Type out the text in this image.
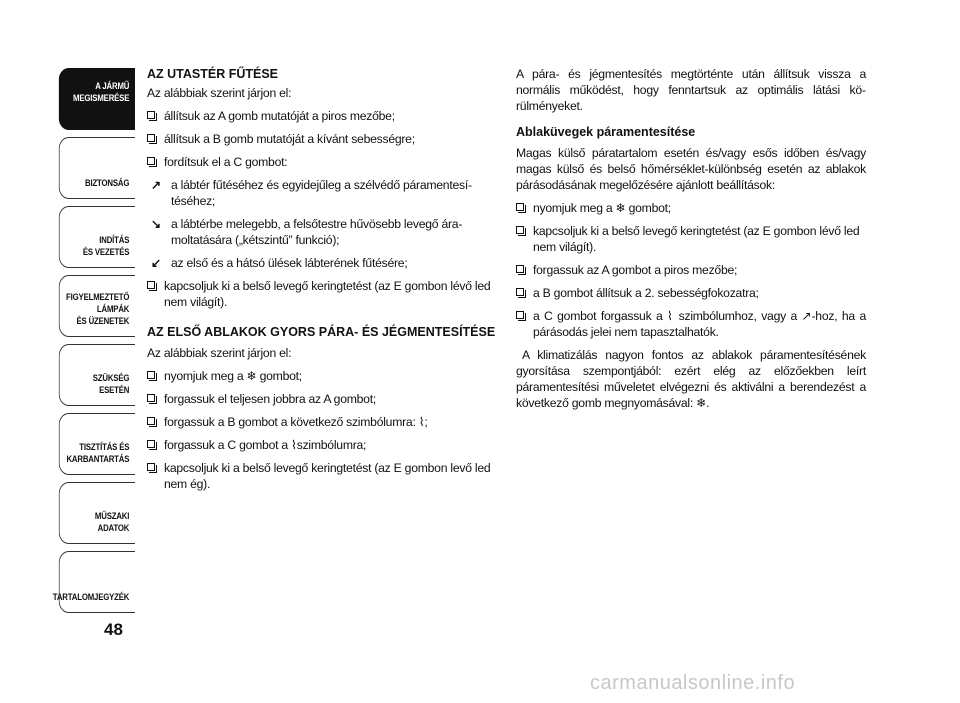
A JÁRMŰ
MEGISMERÉSE
BIZTONSÁG
INDÍTÁS
ÉS VEZETÉS
FIGYELMEZTETŐ
LÁMPÁK
ÉS ÜZENETEK
SZÜKSÉG
ESETÉN
TISZTÍTÁS ÉS
KARBANTARTÁS
MŰSZAKI
ADATOK
TARTALOMJEGYZÉK
48
AZ UTASTÉR FŰTÉSE
Az alábbiak szerint járjon el:
állítsuk az A gomb mutatóját a piros mezőbe;
állítsuk a B gomb mutatóját a kívánt sebességre;
fordítsuk el a C gombot:
↗ a lábtér fűtéséhez és egyidejűleg a szélvédő páramentesítéséhez;
↘ a lábtérbe melegebb, a felsőtestre hűvösebb levegő áramoltatására („kétszintű” funkció);
↙ az első és a hátsó ülések lábterének fűtésére;
kapcsoljuk ki a belső levegő keringtetést (az E gombon lévő led nem világít).
AZ ELSŐ ABLAKOK GYORS PÁRA- ÉS JÉGMENTESÍTÉSE
Az alábbiak szerint járjon el:
nyomjuk meg a ❄ gombot;
forgassuk el teljesen jobbra az A gombot;
forgassuk a B gombot a következő szimbólumra: ⌇;
forgassuk a C gombot a ⌇szimbólumra;
kapcsoljuk ki a belső levegő keringtetést (az E gombon levő led nem ég).
A pára- és jégmentesítés megtörténte után állítsuk vissza a normális működést, hogy fenntartsuk az optimális látási körülményeket.
Ablaküvegek páramentesítése
Magas külső páratartalom esetén és/vagy esős időben és/vagy magas külső és belső hőmérséklet-különbség esetén az ablakok párásodásának megelőzésére ajánlott beállítások:
nyomjuk meg a ❄ gombot;
kapcsoljuk ki a belső levegő keringtetést (az E gombon lévő led nem világít).
forgassuk az A gombot a piros mezőbe;
a B gombot állítsuk a 2. sebességfokozatra;
a C gombot forgassuk a ⌇ szimbólumhoz, vagy a ↗-hoz, ha a párásodás jelei nem tapasztalhatók.
A klimatizálás nagyon fontos az ablakok páramentesítésének gyorsítása szempontjából: ezért elég az előzőekben leírt páramentesítési műveletet elvégezni és aktiválni a berendezést a következő gomb megnyomásával: ❄.
carmanualsonline.info
